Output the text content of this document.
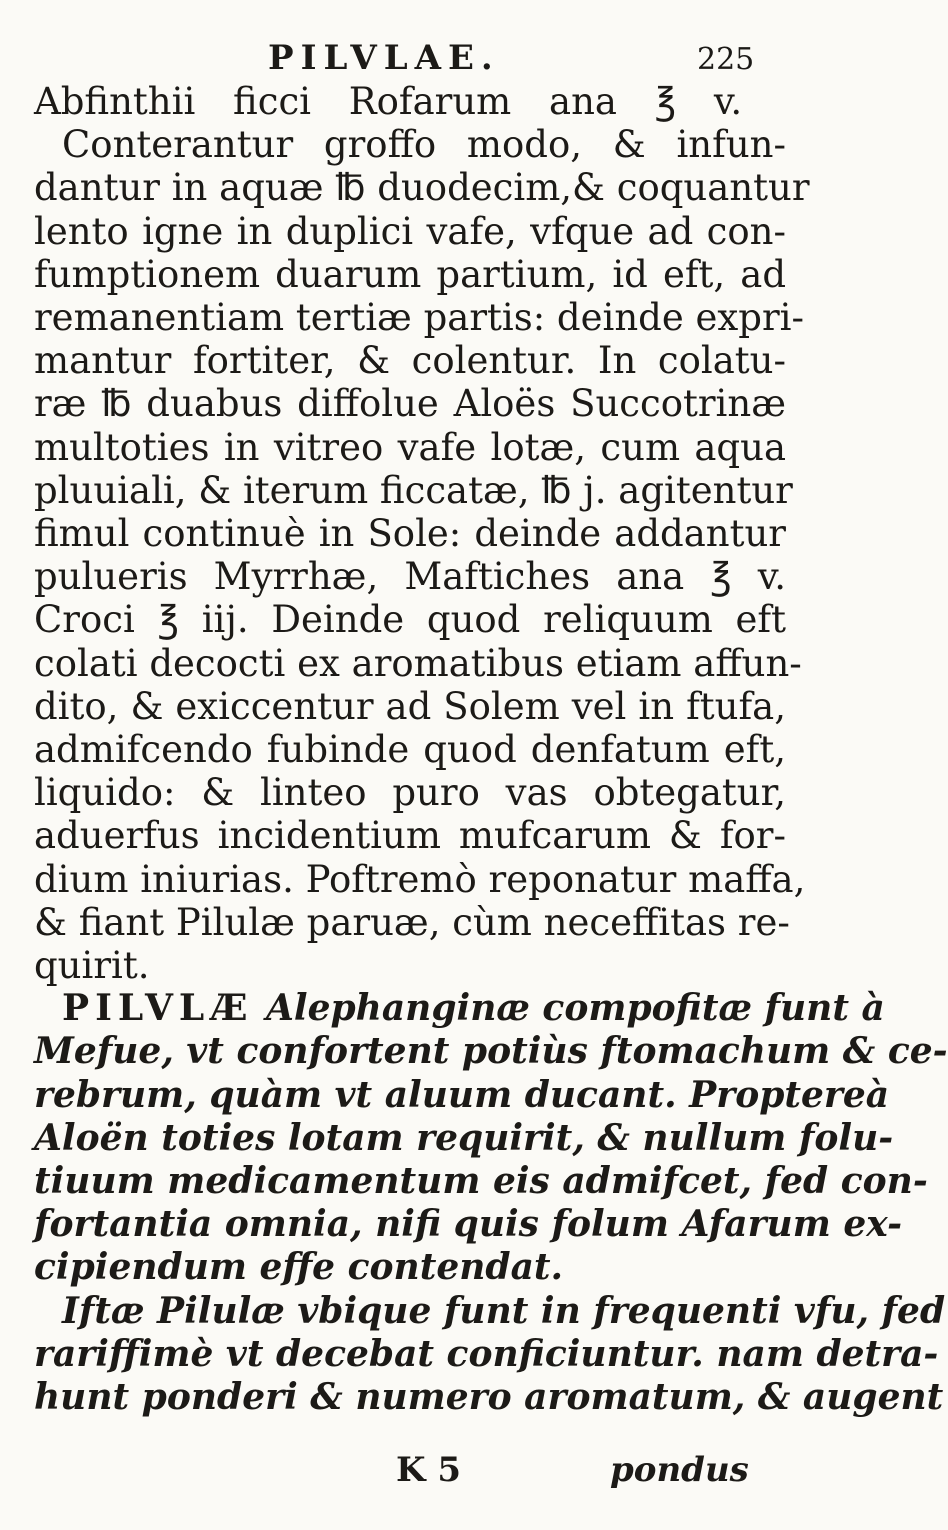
PILVLAE.	225
Abfinthii ficci Rofarum ana ℥ v.
Conterantur groffo modo, & infun-
dantur in aquæ ℔ duodecim,& coquantur
lento igne in duplici vafe, vfque ad con-
fumptionem duarum partium, id eft, ad
remanentiam tertiæ partis: deinde expri-
mantur fortiter, & colentur. In colatu-
ræ ℔ duabus diffolue Aloës Succotrinæ
multoties in vitreo vafe lotæ, cum aqua
pluuiali, & iterum ficcatæ, ℔ j. agitentur
fimul continuè in Sole: deinde addantur
pulueris Myrrhæ, Maftiches ana ℥ v.
Croci ℥ iij. Deinde quod reliquum eft
colati decocti ex aromatibus etiam affun-
dito, & exiccentur ad Solem vel in ftufa,
admifcendo fubinde quod denfatum eft,
liquido: & linteo puro vas obtegatur,
aduerfus incidentium mufcarum & for-
dium iniurias. Poftremò reponatur maffa,
& fiant Pilulæ paruæ, cùm neceffitas re-
quirit.
PILVLÆ Alephanginæ compofitæ funt à
Mefue, vt confortent potiùs ftomachum & ce-
rebrum, quàm vt aluum ducant. Proptereà
Aloën toties lotam requirit, & nullum folu-
tiuum medicamentum eis admifcet, fed con-
fortantia omnia, nifi quis folum Afarum ex-
cipiendum effe contendat.
Iftæ Pilulæ vbique funt in frequenti vfu, fed
rariffimè vt decebat conficiuntur. nam detra-
hunt ponderi & numero aromatum, & augent
K 5	pondus
